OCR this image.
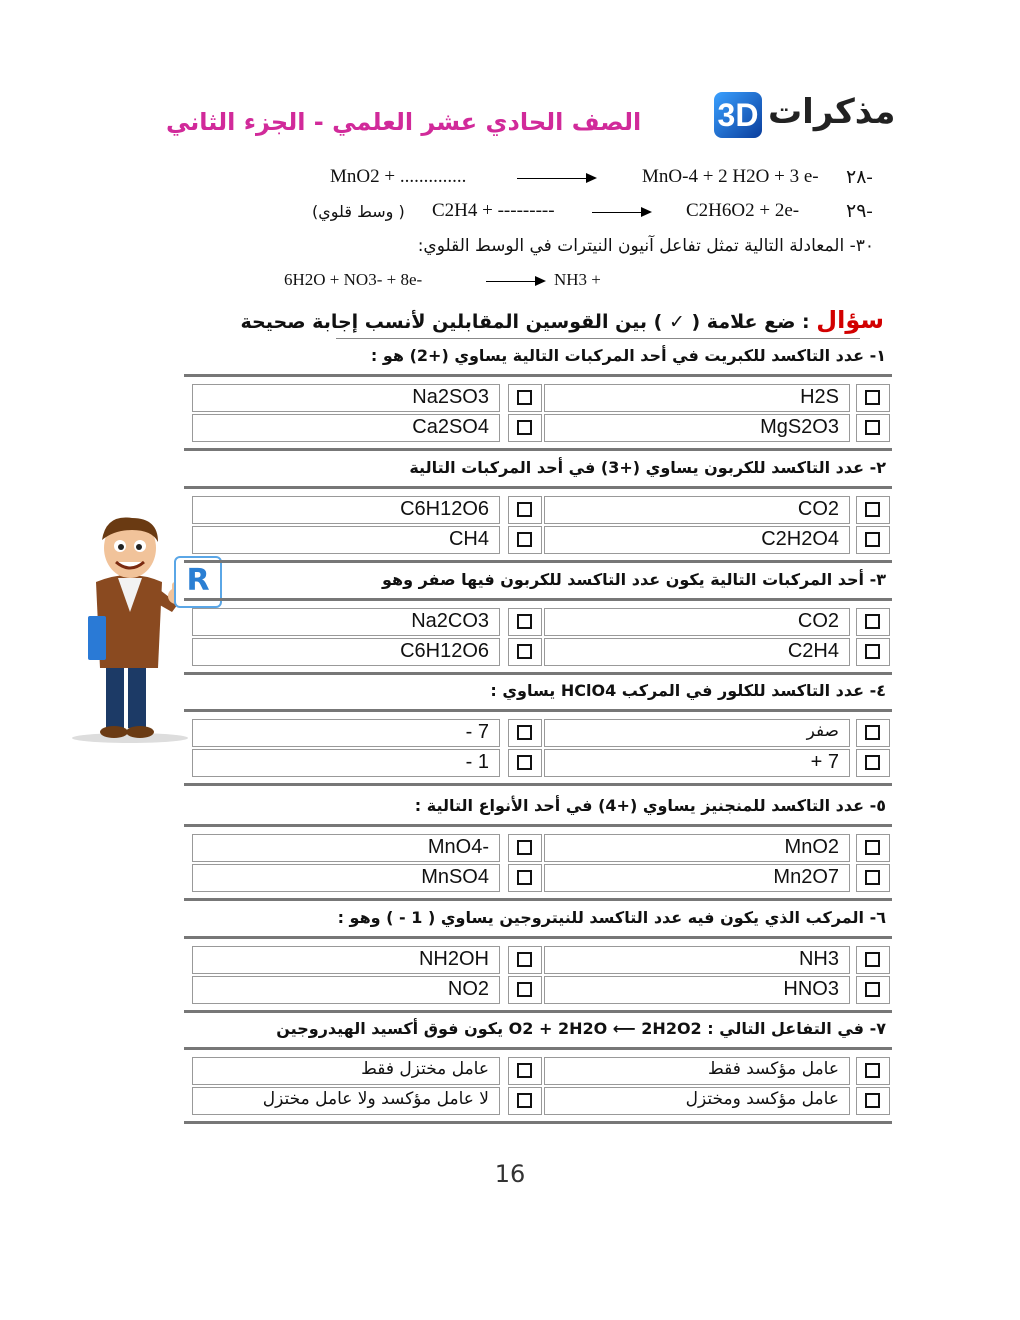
3D مذكرات
الصف الحادي عشر العلمي - الجزء الثاني
٢٨-
MnO-4 + 2 H2O + 3 e-
MnO2 + ..............
٢٩-
C2H6O2 + 2e-
C2H4 + ---------
( وسط قلوي)
٣٠- المعادلة التالية تمثل تفاعل آنيون النيترات في الوسط القلوي:
6H2O + NO3- + 8e-	NH3 +
سؤال : ضع علامة ( ✓ ) بين القوسين المقابلين لأنسب إجابة صحيحة
R
١- عدد التاكسد للكبريت في أحد المركبات التالية يساوي (+2) هو :
H2S
Na2SO3
MgS2O3
Ca2SO4
٢- عدد التاكسد للكربون يساوي (+3) في أحد المركبات التالية
CO2
C6H12O6
C2H2O4
CH4
٣- أحد المركبات التالية يكون عدد التاكسد للكربون فيها صفر وهو
CO2
Na2CO3
C2H4
C6H12O6
٤- عدد التاكسد للكلور في المركب HClO4 يساوي :
صفر
- 7
+ 7
- 1
٥- عدد التاكسد للمنجنيز يساوي (+4) في أحد الأنواع التالية :
MnO2
MnO4-
Mn2O7
MnSO4
٦- المركب الذي يكون فيه عدد التاكسد للنيتروجين يساوي ( 1 - ) وهو :
NH3
NH2OH
HNO3
NO2
٧- في التفاعل التالي : O2 + 2H2O ⟵ 2H2O2 يكون فوق أكسيد الهيدروجين
عامل مؤكسد فقط
عامل مختزل فقط
عامل مؤكسد ومختزل
لا عامل مؤكسد ولا عامل مختزل
16
